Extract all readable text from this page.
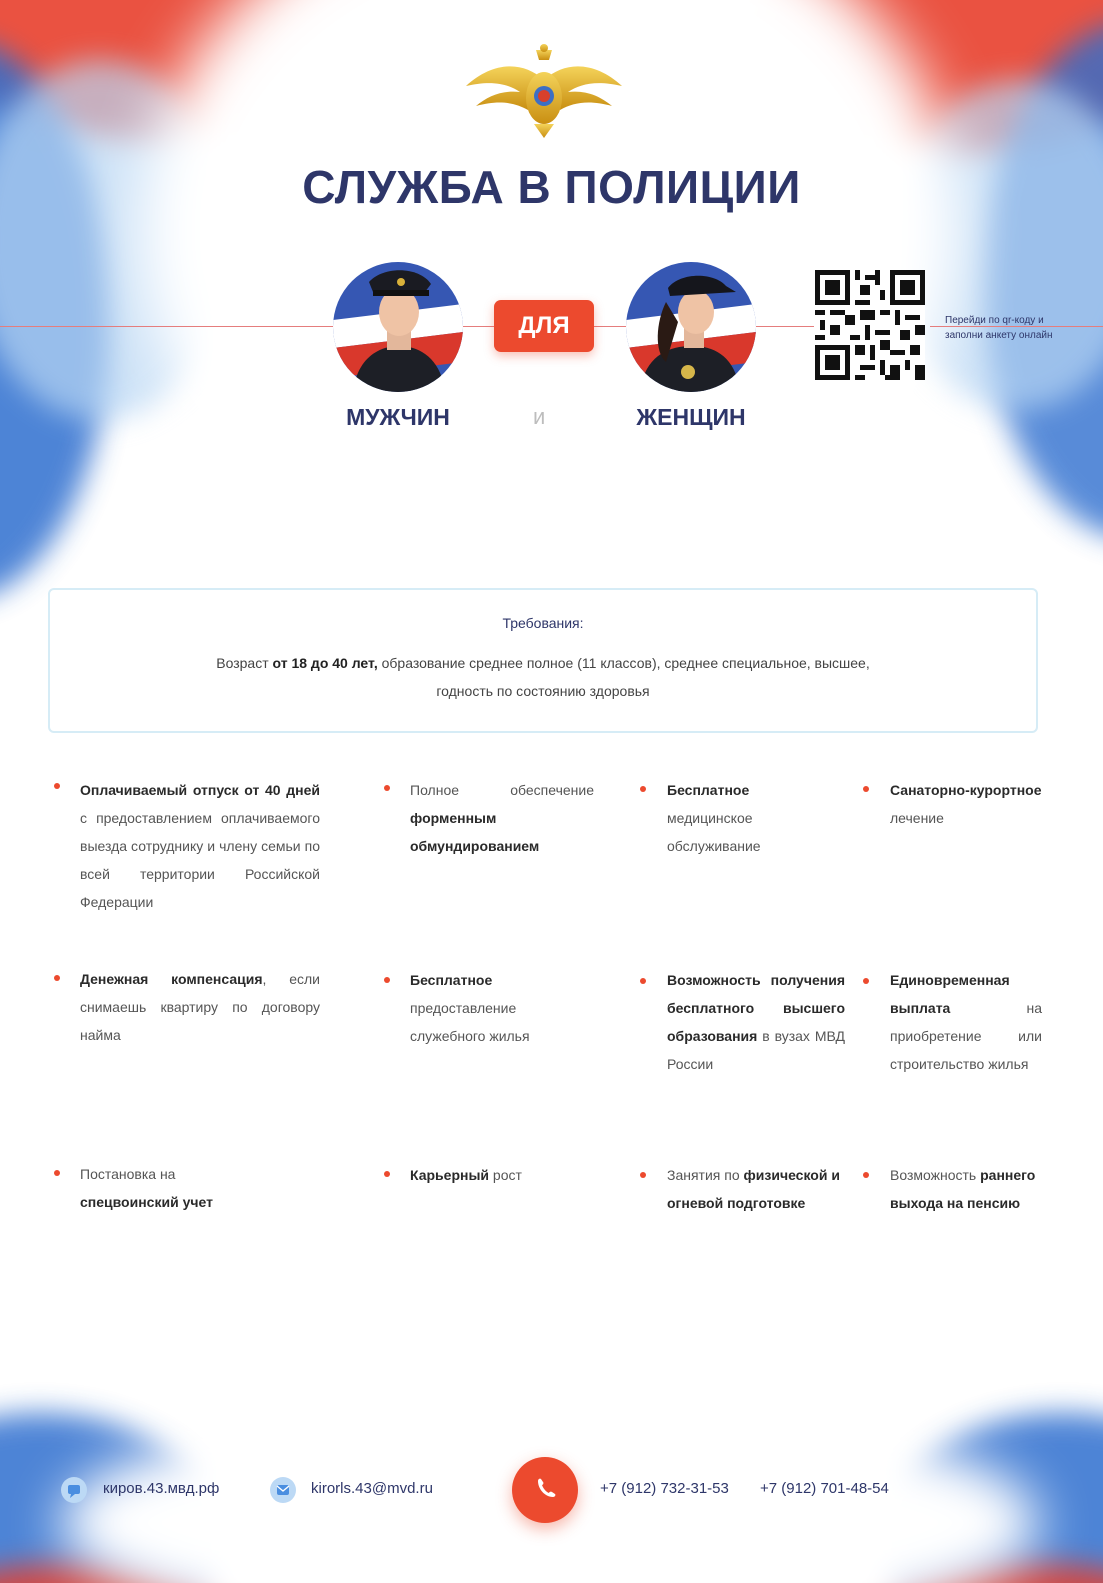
СЛУЖБА В ПОЛИЦИИ
ДЛЯ
МУЖЧИН	и	ЖЕНЩИН
Перейди по qr-коду и
заполни анкету онлайн
Требования:
Возраст от 18 до 40 лет, образование среднее полное (11 классов), среднее специальное, высшее,
годность по состоянию здоровья
Оплачиваемый отпуск от 40 дней с предоставлением оплачиваемого выезда сотруднику и члену семьи по всей территории Российской Федерации
Полное обеспечение форменным обмундированием
Бесплатное медицинское обслуживание
Санаторно-курортное лечение
Денежная компенсация, если снимаешь квартиру по договору найма
Бесплатное предоставление служебного жилья
Возможность получения бесплатного высшего образования в вузах МВД России
Единовременная выплата на приобретение или строительство жилья
Постановка на спецвоинский учет
Карьерный рост	Занятия по физической и огневой подготовке
Возможность раннего выхода на пенсию
киров.43.мвд.рф	kirorls.43@mvd.ru	+7 (912) 732-31-53 +7 (912) 701-48-54
